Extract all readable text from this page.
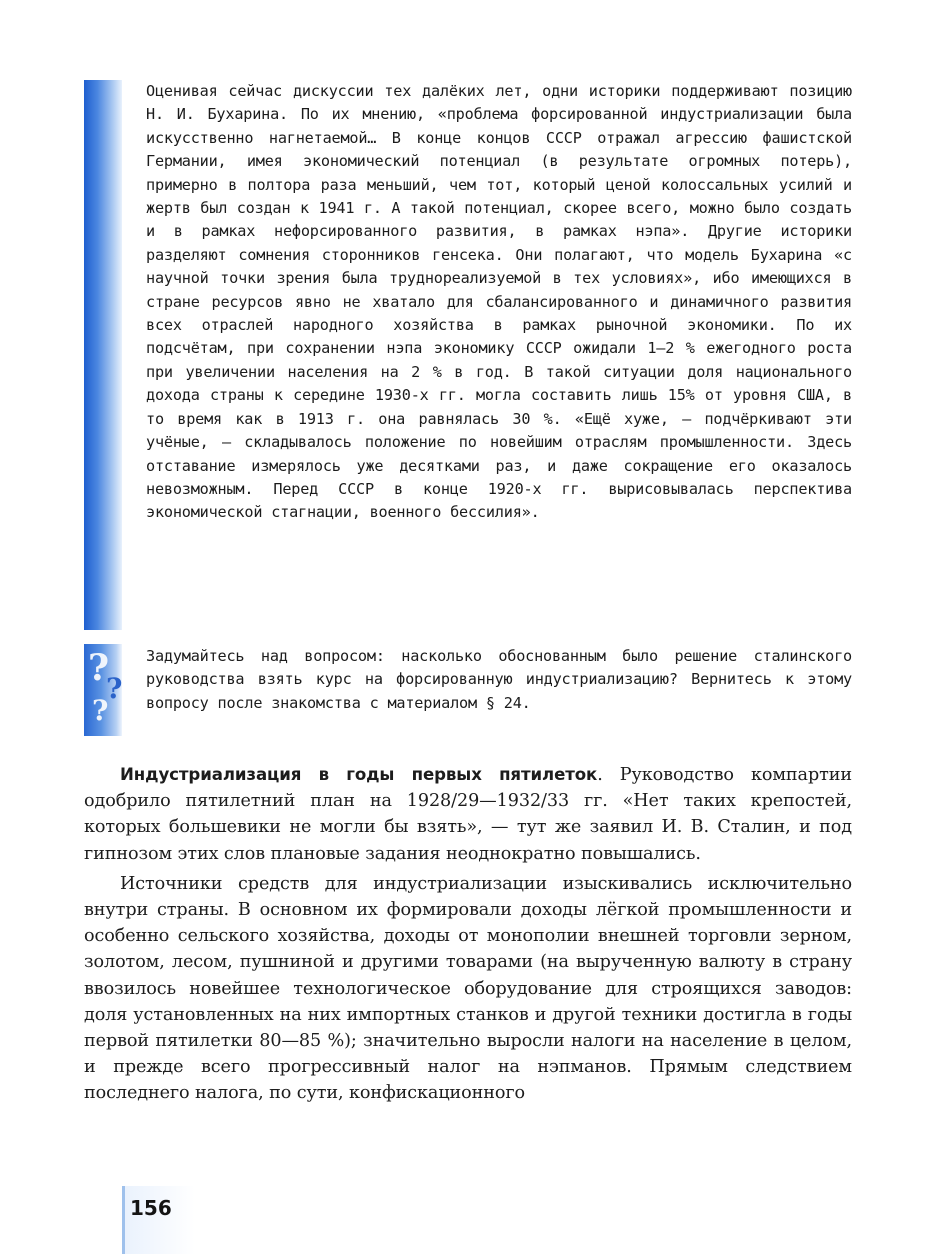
Оценивая сейчас дискуссии тех далёких лет, одни историки поддерживают позицию Н. И. Бухарина. По их мнению, «проблема форсированной индустриализации была искусственно нагнетаемой… В конце концов СССР отражал агрессию фашистской Германии, имея экономический потенциал (в результате огромных потерь), примерно в полтора раза меньший, чем тот, который ценой колоссальных усилий и жертв был создан к 1941 г. А такой потенциал, скорее всего, можно было создать и в рамках нефорсированного развития, в рамках нэпа». Другие историки разделяют сомнения сторонников генсека. Они полагают, что модель Бухарина «с научной точки зрения была труднореализуемой в тех условиях», ибо имеющихся в стране ресурсов явно не хватало для сбалансированного и динамичного развития всех отраслей народного хозяйства в рамках рыночной экономики. По их подсчётам, при сохранении нэпа экономику СССР ожидали 1—2 % ежегодного роста при увеличении населения на 2 % в год. В такой ситуации доля национального дохода страны к середине 1930-х гг. могла составить лишь 15% от уровня США, в то время как в 1913 г. она равнялась 30 %. «Ещё хуже, — подчёркивают эти учёные, — складывалось положение по новейшим отраслям промышленности. Здесь отставание измерялось уже десятками раз, и даже сокращение его оказалось невозможным. Перед СССР в конце 1920-х гг. вырисовывалась перспектива экономической стагнации, военного бессилия».
?
?
?
Задумайтесь над вопросом: насколько обоснованным было решение сталинского руководства взять курс на форсированную индустриализацию? Вернитесь к этому вопросу после знакомства с материалом § 24.

Индустриализация в годы первых пятилеток. Руководство компартии одобрило пятилетний план на 1928/29—1932/33 гг. «Нет таких крепостей, которых большевики не могли бы взять», — тут же заявил И. В. Сталин, и под гипнозом этих слов плановые задания неоднократно повышались.

Источники средств для индустриализации изыскивались исключительно внутри страны. В основном их формировали доходы лёгкой промышленности и особенно сельского хозяйства, доходы от монополии внешней торговли зерном, золотом, лесом, пушниной и другими товарами (на вырученную валюту в страну ввозилось новейшее технологическое оборудование для строящихся заводов: доля установленных на них импортных станков и другой техники достигла в годы первой пятилетки 80—85 %); значительно выросли налоги на население в целом, и прежде всего прогрессивный налог на нэпманов. Прямым следствием последнего налога, по сути, конфискационного

156
